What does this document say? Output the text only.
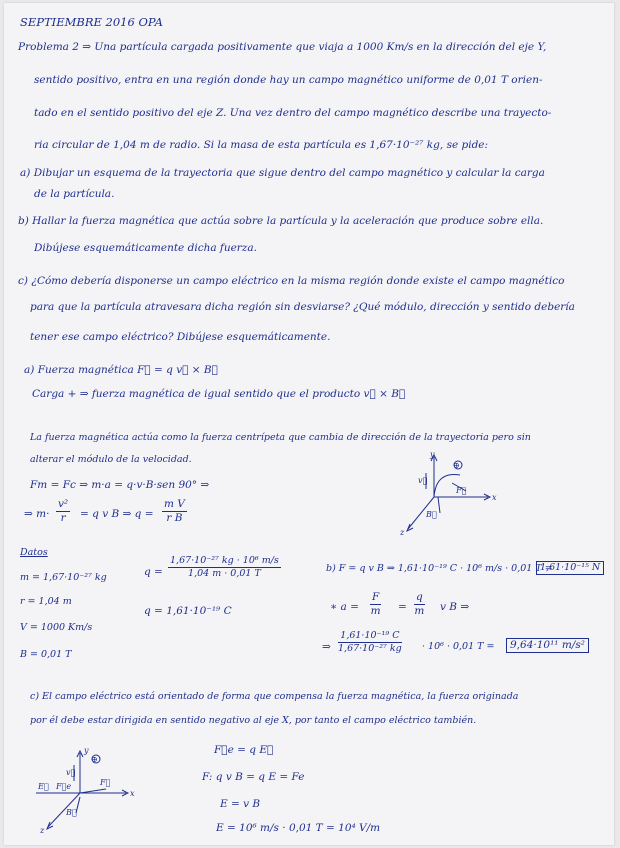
SEPTIEMBRE 2016 OPA
Problema 2 ⇒ Una partícula cargada positivamente que viaja a 1000 Km/s en la dirección del eje Y,
sentido positivo, entra en una región donde hay un campo magnético uniforme de 0,01 T orien-
tado en el sentido positivo del eje Z. Una vez dentro del campo magnético describe una trayecto-
ria circular de 1,04 m de radio. Si la masa de esta partícula es 1,67·10⁻²⁷ kg, se pide:
a) Dibujar un esquema de la trayectoria que sigue dentro del campo magnético y calcular la carga
de la partícula.
b) Hallar la fuerza magnética que actúa sobre la partícula y la aceleración que produce sobre ella.
Dibújese esquemáticamente dicha fuerza.
c) ¿Cómo debería disponerse un campo eléctrico en la misma región donde existe el campo magnético
para que la partícula atravesara dicha región sin desviarse? ¿Qué módulo, dirección y sentido debería
tener ese campo eléctrico? Dibújese esquemáticamente.
a) Fuerza magnética F⃗ = q v⃗ × B⃗
Carga + ⇒ fuerza magnética de igual sentido que el producto v⃗ × B⃗
La fuerza magnética actúa como la fuerza centrípeta que cambia de dirección de la trayectoria pero sin
alterar el módulo de la velocidad.
Fm = Fc ⇒ m·a = q·v·B·sen 90° ⇒
⇒ $m\cdot \frac{\text{v²}}{r} = q$ v B ⇒ $q = \frac{\text{m V}}{\text{r B}}$
y
x
z
v⃗
F⃗
B⃗
⊕
Datos
m = 1,67·10⁻²⁷ kg
r = 1,04 m
V = 1000 Km/s
B = 0,01 T
$q = \frac{\text{1,67·10⁻²⁷ kg · 10⁶ m/s}}{1,04 m \cdot 0,01 T}$
q = 1,61·10⁻¹⁹ C
b) F = q v B ⇒ 1,61·10⁻¹⁹ C · 10⁶ m/s · 0,01 T =
1,61·10⁻¹⁵ N
∗ $a = \frac{F}{m} = \frac{q}{m}$ v B ⇒
⇒ $\frac{\text{1,61·10⁻¹⁹ C}}{\text{1,67·10⁻²⁷ kg}} \cdot 10^6 \cdot 0,01$ T =	9,64·10¹¹ m/s²
c) El campo eléctrico está orientado de forma que compensa la fuerza magnética, la fuerza originada
por él debe estar dirigida en sentido negativo al eje X, por tanto el campo eléctrico también.
y
x
z
v⃗
F⃗e	F⃗
E⃗
B⃗
⊕
F⃗e = q E⃗
F: q v B = q E = Fe
E = v B
E = 10⁶ m/s · 0,01 T = 10⁴ V/m
